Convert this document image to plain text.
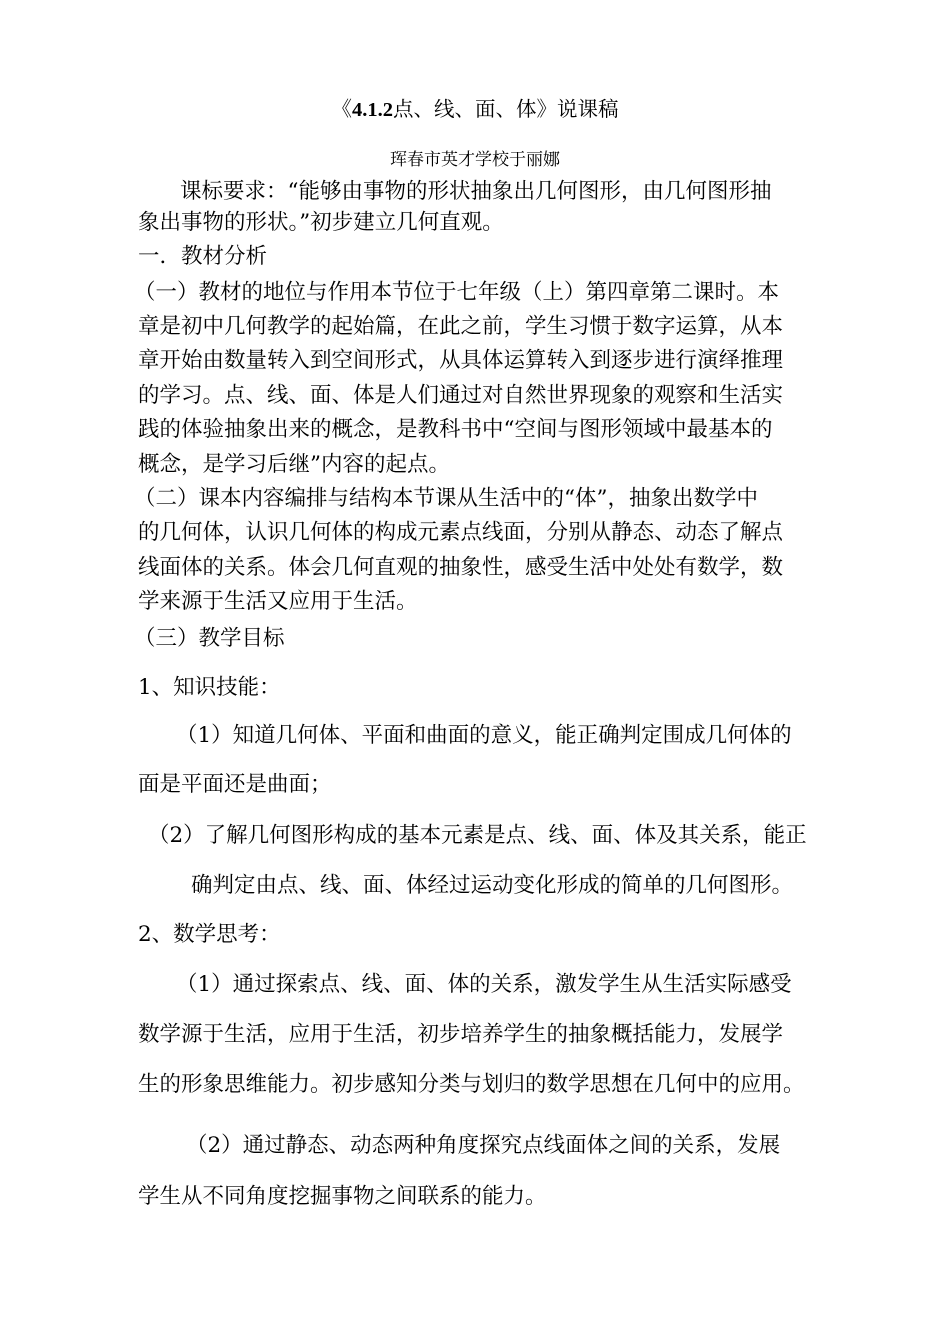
《4.1.2点、线、面、体》说课稿
珲春市英才学校于丽娜
课标要求：“能够由事物的形状抽象出几何图形，由几何图形抽
象出事物的形状。”初步建立几何直观。
一．教材分析
（一）教材的地位与作用本节位于七年级（上）第四章第二课时。本
章是初中几何教学的起始篇，在此之前，学生习惯于数字运算，从本
章开始由数量转入到空间形式，从具体运算转入到逐步进行演绎推理
的学习。点、线、面、体是人们通过对自然世界现象的观察和生活实
践的体验抽象出来的概念，是教科书中“空间与图形领域中最基本的
概念，是学习后继”内容的起点。
（二）课本内容编排与结构本节课从生活中的“体”，抽象出数学中
的几何体，认识几何体的构成元素点线面，分别从静态、动态了解点
线面体的关系。体会几何直观的抽象性，感受生活中处处有数学，数
学来源于生活又应用于生活。
（三）教学目标
1、知识技能：
（1）知道几何体、平面和曲面的意义，能正确判定围成几何体的
面是平面还是曲面；
（2）了解几何图形构成的基本元素是点、线、面、体及其关系，能正
确判定由点、线、面、体经过运动变化形成的简单的几何图形。
2、数学思考：
（1）通过探索点、线、面、体的关系，激发学生从生活实际感受
数学源于生活，应用于生活，初步培养学生的抽象概括能力，发展学
生的形象思维能力。初步感知分类与划归的数学思想在几何中的应用。
（2）通过静态、动态两种角度探究点线面体之间的关系，发展
学生从不同角度挖掘事物之间联系的能力。
